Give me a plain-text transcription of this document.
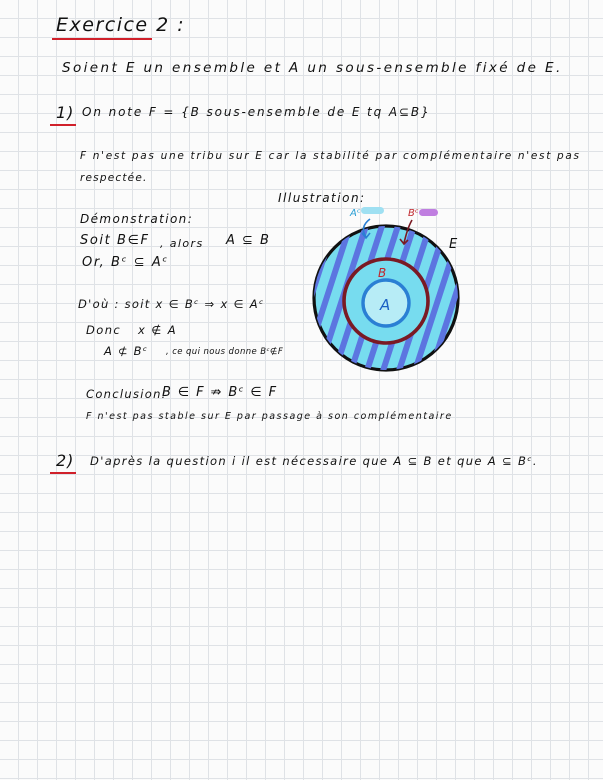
Exercice 2 :
Soient E un ensemble et A un sous-ensemble fixé de E.
1) On note F = {B sous-ensemble de E tq A⊆B}
F n'est pas une tribu sur E car la stabilité par complémentaire n'est pas
respectée.
Illustration:
Démonstration:
Soit B∈F , alors A ⊆ B
Or, Bᶜ ⊆ Aᶜ
D'où : soit x ∈ Bᶜ ⇒ x ∈ Aᶜ
Donc x ∉ A
A ⊄ Bᶜ , ce qui nous donne Bᶜ∉F
Conclusion:
B ∈ F ⇏ Bᶜ ∈ F
F n'est pas stable sur E par passage à son complémentaire
2) D'après la question i il est nécessaire que A ⊆ B et que A ⊆ Bᶜ.
B
A
E
Aᶜ	Bᶜ
